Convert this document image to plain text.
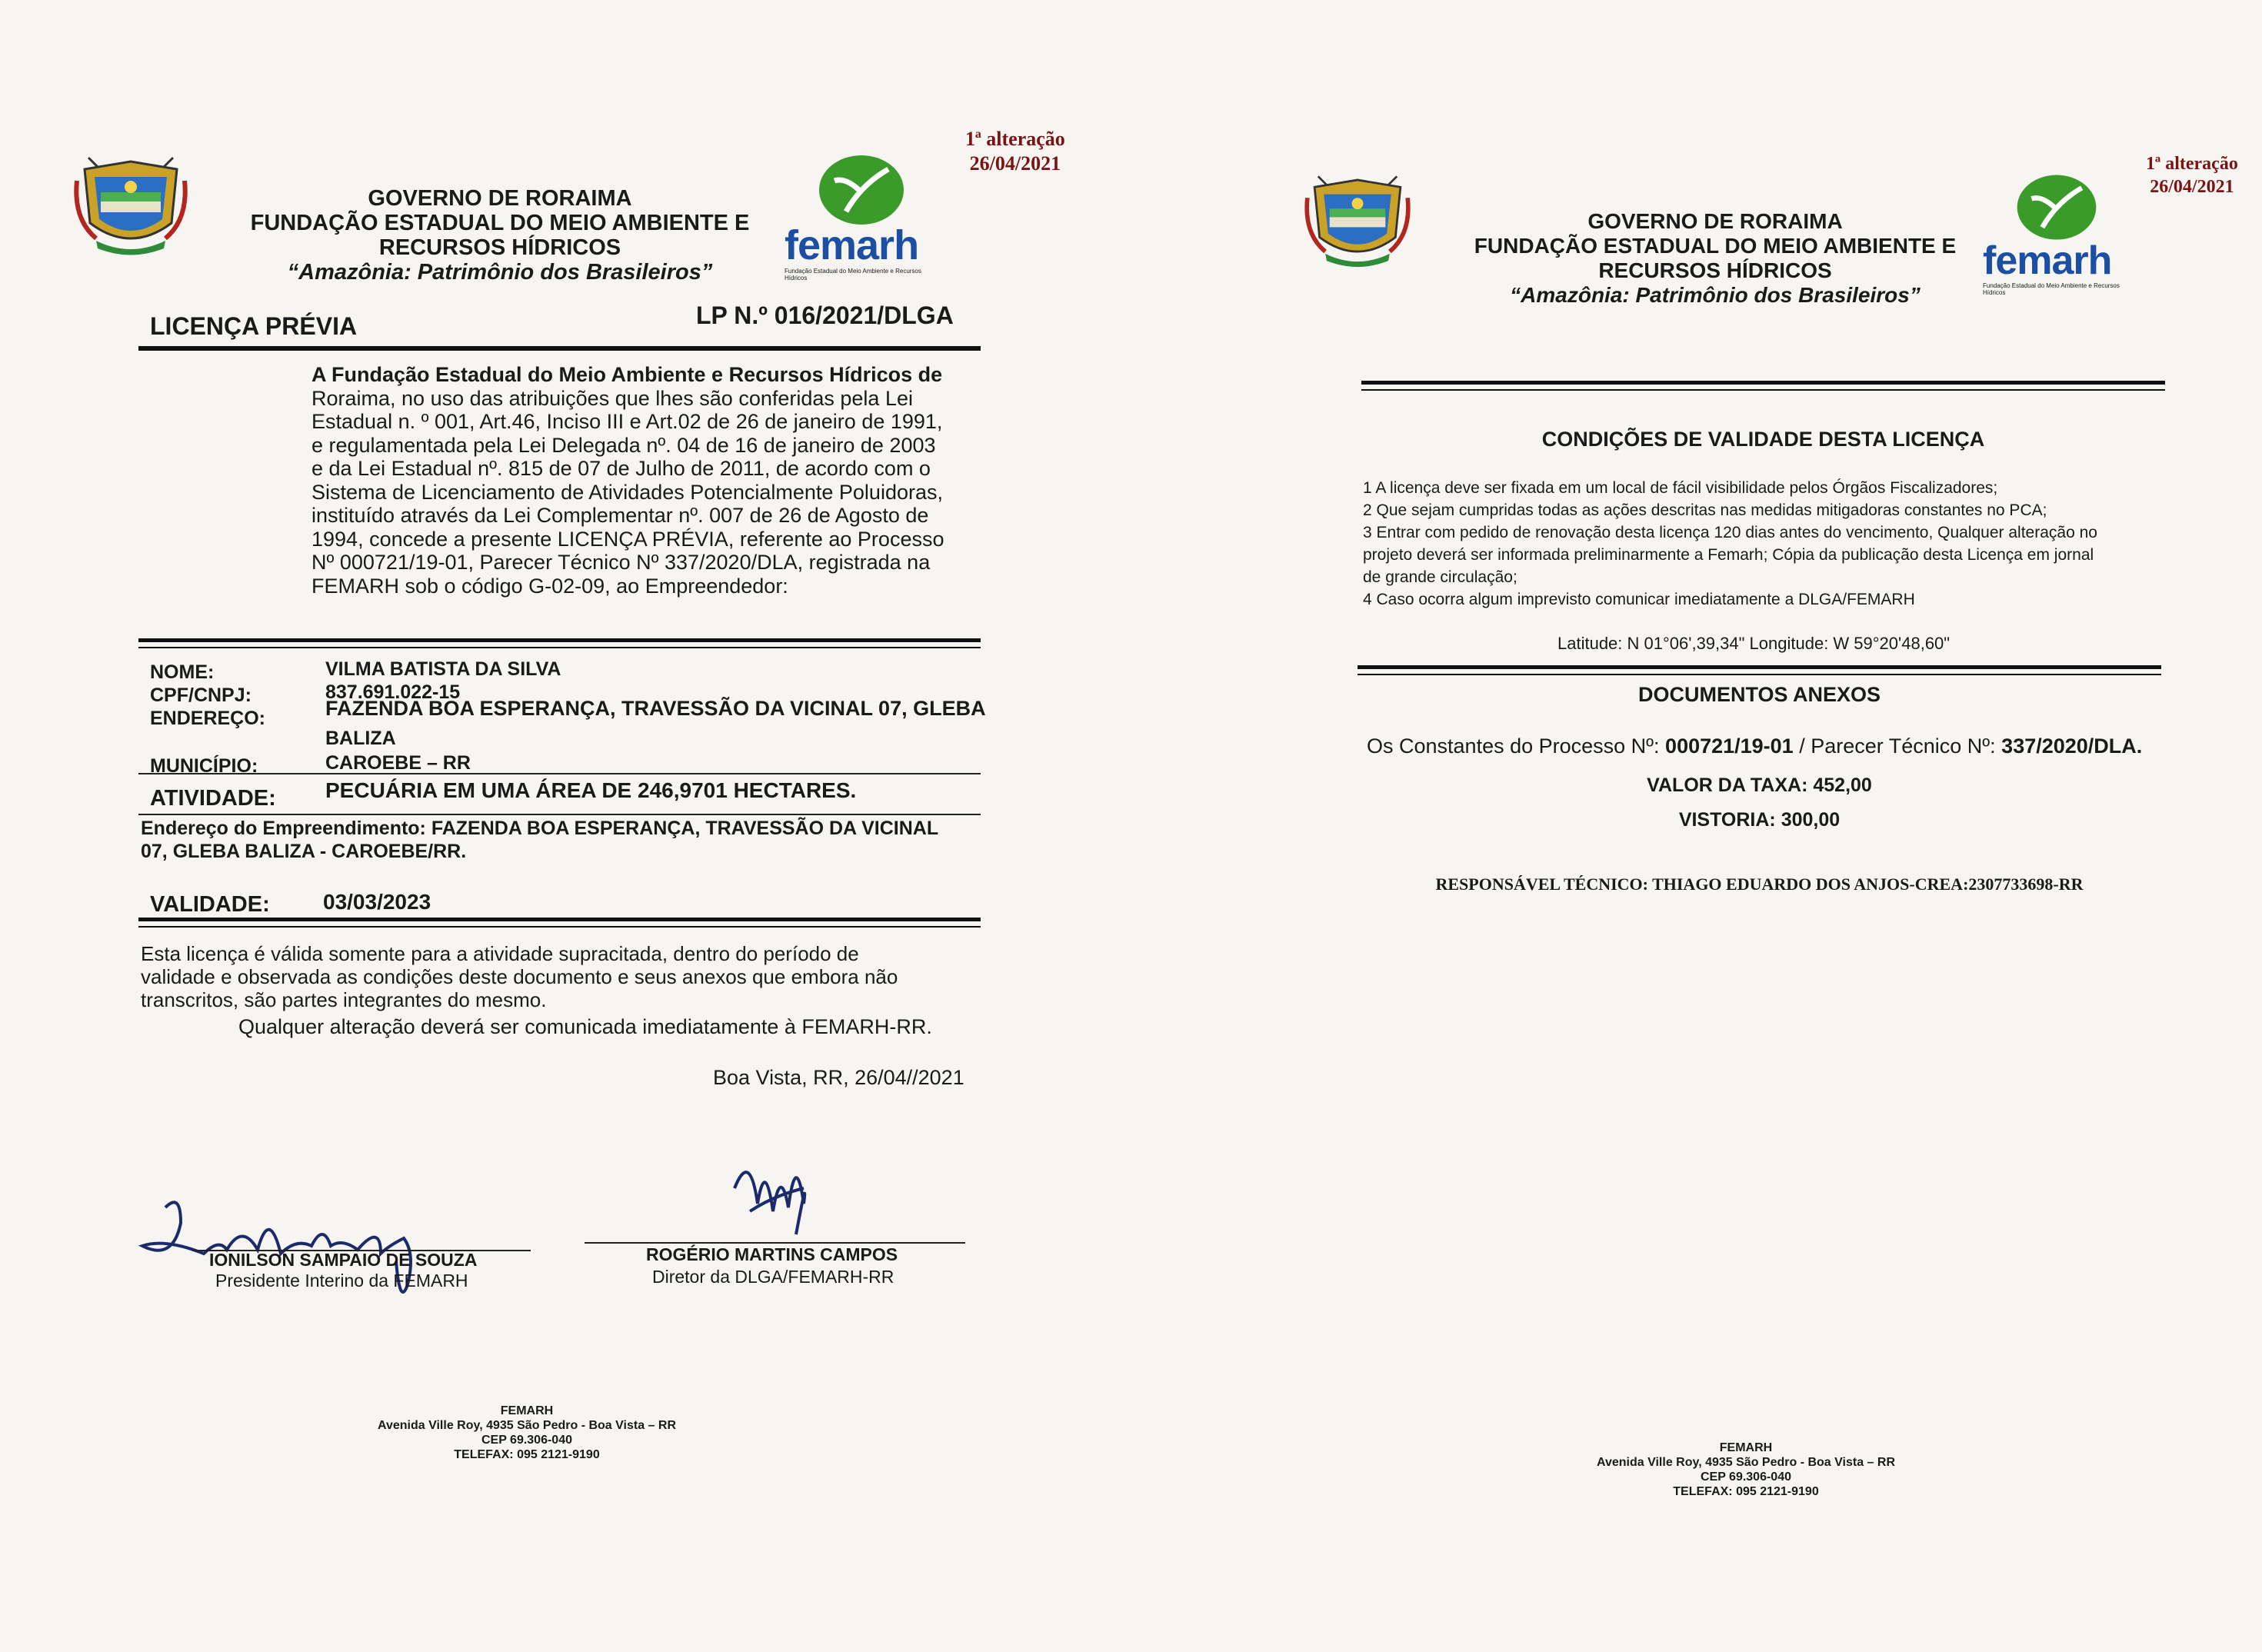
GOVERNO DE RORAIMA
FUNDAÇÃO ESTADUAL DO MEIO AMBIENTE E
RECURSOS HÍDRICOS
“Amazônia: Patrimônio dos Brasileiros”
femarh
Fundação Estadual do Meio Ambiente e Recursos Hídricos
1ª alteração
26/04/2021
LICENÇA PRÉVIA	LP N.º 016/2021/DLGA
A Fundação Estadual do Meio Ambiente e Recursos Hídricos de
Roraima, no uso das atribuições que lhes são conferidas pela Lei
Estadual n. º 001, Art.46, Inciso III e Art.02 de 26 de janeiro de 1991,
e regulamentada pela Lei Delegada nº. 04 de 16 de janeiro de 2003
e da Lei Estadual nº. 815 de 07 de Julho de 2011, de acordo com o
Sistema de Licenciamento de Atividades Potencialmente Poluidoras,
instituído através da Lei Complementar nº. 007 de 26 de Agosto de
1994, concede a presente LICENÇA PRÉVIA, referente ao Processo
Nº 000721/19-01, Parecer Técnico Nº 337/2020/DLA, registrada na
FEMARH sob o código G-02-09, ao Empreendedor:
NOME:	VILMA BATISTA DA SILVA
CPF/CNPJ:	837.691.022-15
ENDEREÇO:	FAZENDA BOA ESPERANÇA, TRAVESSÃO DA VICINAL 07, GLEBA
BALIZA
MUNICÍPIO:	CAROEBE – RR
ATIVIDADE: PECUÁRIA EM UMA ÁREA DE 246,9701 HECTARES.
Endereço do Empreendimento: FAZENDA BOA ESPERANÇA, TRAVESSÃO DA VICINAL
07, GLEBA BALIZA - CAROEBE/RR.
VALIDADE: 03/03/2023
Esta licença é válida somente para a atividade supracitada, dentro do período de
validade e observada as condições deste documento e seus anexos que embora não
transcritos, são partes integrantes do mesmo.
Qualquer alteração deverá ser comunicada imediatamente à FEMARH-RR.
Boa Vista, RR, 26/04//2021
IONILSON SAMPAIO DE SOUZA
Presidente Interino da FEMARH
ROGÉRIO MARTINS CAMPOS
Diretor da DLGA/FEMARH-RR
FEMARH
Avenida Ville Roy, 4935 São Pedro - Boa Vista – RR
CEP 69.306-040
TELEFAX: 095 2121-9190
GOVERNO DE RORAIMA
FUNDAÇÃO ESTADUAL DO MEIO AMBIENTE E
RECURSOS HÍDRICOS
“Amazônia: Patrimônio dos Brasileiros”
femarh
Fundação Estadual do Meio Ambiente e Recursos Hídricos
1ª alteração
26/04/2021
CONDIÇÕES DE VALIDADE DESTA LICENÇA
1 A licença deve ser fixada em um local de fácil visibilidade pelos Órgãos Fiscalizadores;
2 Que sejam cumpridas todas as ações descritas nas medidas mitigadoras constantes no PCA;
3 Entrar com pedido de renovação desta licença 120 dias antes do vencimento, Qualquer alteração no
projeto deverá ser informada preliminarmente a Femarh; Cópia da publicação desta Licença em jornal
de grande circulação;
4 Caso ocorra algum imprevisto comunicar imediatamente a DLGA/FEMARH
Latitude: N 01°06',39,34" Longitude: W 59°20'48,60"
DOCUMENTOS ANEXOS
Os Constantes do Processo Nº: 000721/19-01 / Parecer Técnico Nº: 337/2020/DLA.
VALOR DA TAXA: 452,00
VISTORIA: 300,00
RESPONSÁVEL TÉCNICO: THIAGO EDUARDO DOS ANJOS-CREA:2307733698-RR
FEMARH
Avenida Ville Roy, 4935 São Pedro - Boa Vista – RR
CEP 69.306-040
TELEFAX: 095 2121-9190
